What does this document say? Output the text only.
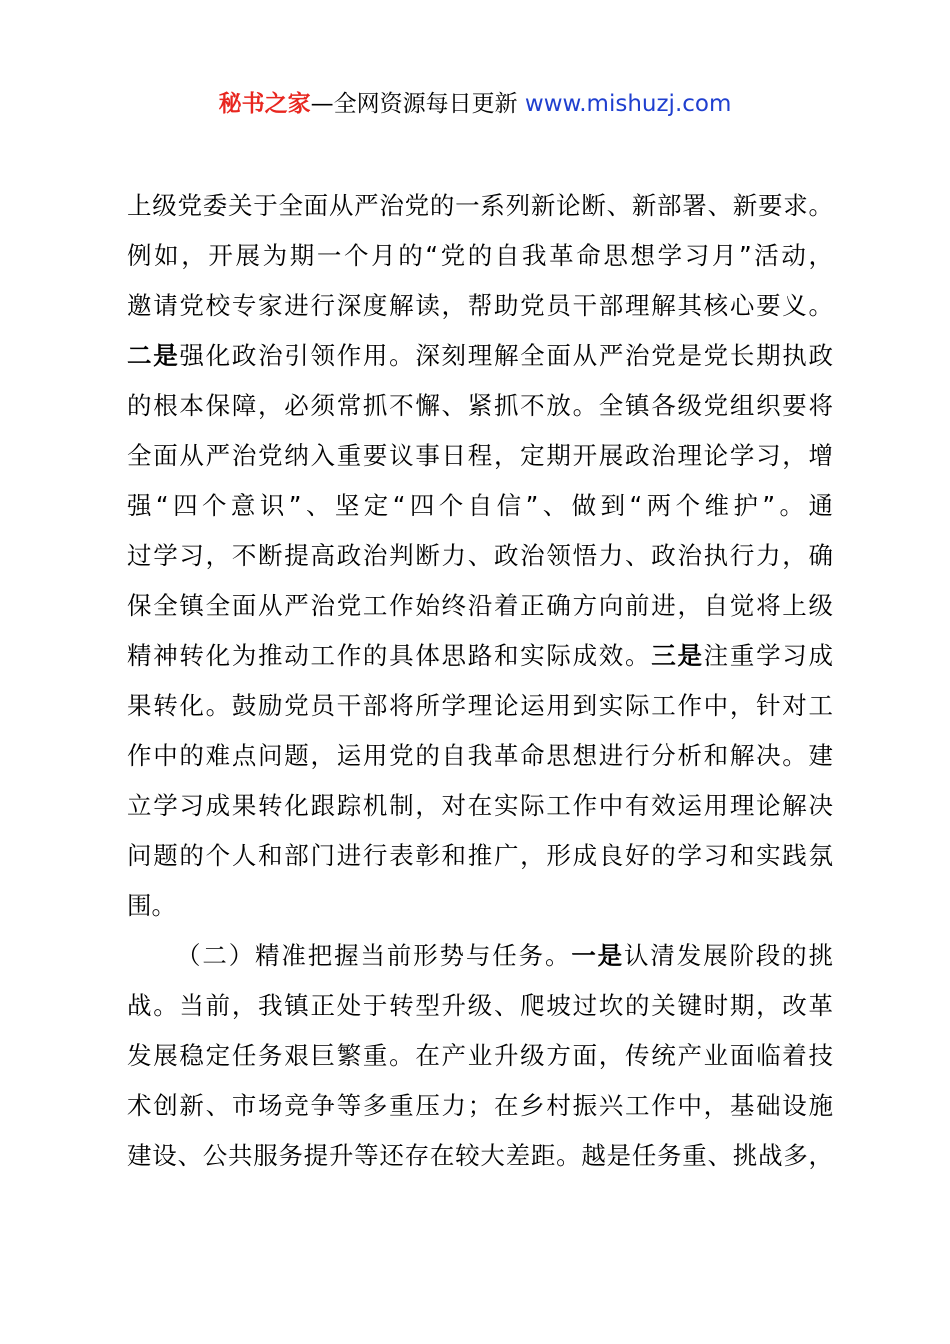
秘书之家—全网资源每日更新 www.mishuzj.com
上级党委关于全面从严治党的一系列新论断、新部署、新要求。
例如，开展为期一个月的“党的自我革命思想学习月”活动，
邀请党校专家进行深度解读，帮助党员干部理解其核心要义。
二是强化政治引领作用。深刻理解全面从严治党是党长期执政
的根本保障，必须常抓不懈、紧抓不放。全镇各级党组织要将
全面从严治党纳入重要议事日程，定期开展政治理论学习，增
强“四个意识”、坚定“四个自信”、做到“两个维护”。通
过学习，不断提高政治判断力、政治领悟力、政治执行力，确
保全镇全面从严治党工作始终沿着正确方向前进，自觉将上级
精神转化为推动工作的具体思路和实际成效。三是注重学习成
果转化。鼓励党员干部将所学理论运用到实际工作中，针对工
作中的难点问题，运用党的自我革命思想进行分析和解决。建
立学习成果转化跟踪机制，对在实际工作中有效运用理论解决
问题的个人和部门进行表彰和推广，形成良好的学习和实践氛
围。
（二）精准把握当前形势与任务。一是认清发展阶段的挑
战。当前，我镇正处于转型升级、爬坡过坎的关键时期，改革
发展稳定任务艰巨繁重。在产业升级方面，传统产业面临着技
术创新、市场竞争等多重压力；在乡村振兴工作中，基础设施
建设、公共服务提升等还存在较大差距。越是任务重、挑战多，
